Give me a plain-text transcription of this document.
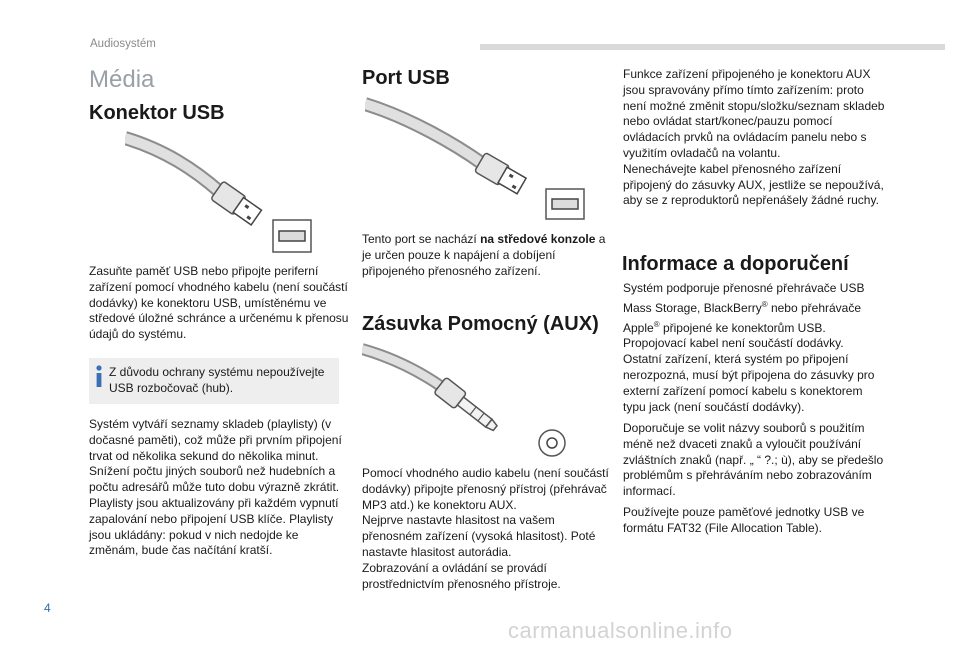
Audiosystém
Média
Konektor USB

Zasuňte paměť USB nebo připojte periferní zařízení pomocí vhodného kabelu (není součástí dodávky) ke konektoru USB, umístěnému ve středové úložné schránce a určenému k přenosu údajů do systému.

Z důvodu ochrany systému nepoužívejte USB rozbočovač (hub).

Systém vytváří seznamy skladeb (playlisty) (v dočasné paměti), což může při prvním připojení trvat od několika sekund do několika minut.
Snížení počtu jiných souborů než hudebních a počtu adresářů může tuto dobu výrazně zkrátit.
Playlisty jsou aktualizovány při každém vypnutí zapalování nebo připojení USB klíče. Playlisty jsou ukládány: pokud v nich nedojde ke změnám, bude čas načítání kratší.

Port USB

Tento port se nachází na středové konzole a je určen pouze k napájení a dobíjení připojeného přenosného zařízení.

Zásuvka Pomocný (AUX)

Pomocí vhodného audio kabelu (není součástí dodávky) připojte přenosný přístroj (přehrávač MP3 atd.) ke konektoru AUX.
Nejprve nastavte hlasitost na vašem přenosném zařízení (vysoká hlasitost). Poté nastavte hlasitost autorádia.
Zobrazování a ovládání se provádí prostřednictvím přenosného přístroje.

Funkce zařízení připojeného je konektoru AUX jsou spravovány přímo tímto zařízením: proto není možné změnit stopu/složku/seznam skladeb nebo ovládat start/konec/pauzu pomocí ovládacích prvků na ovládacím panelu nebo s využitím ovladačů na volantu.
Nenechávejte kabel přenosného zařízení připojený do zásuvky AUX, jestliže se nepoužívá, aby se z reproduktorů nepřenášely žádné ruchy.

Informace a doporučení

Systém podporuje přenosné přehrávače USB Mass Storage, BlackBerry® nebo přehrávače Apple® připojené ke konektorům USB.
Propojovací kabel není součástí dodávky.
Ostatní zařízení, která systém po připojení nerozpozná, musí být připojena do zásuvky pro externí zařízení pomocí kabelu s konektorem typu jack (není součástí dodávky).

Doporučuje se volit názvy souborů s použitím méně než dvaceti znaků a vyloučit používání zvláštních znaků (např. „ “ ?.; ù), aby se předešlo problémům s přehráváním nebo zobrazováním informací.

Používejte pouze paměťové jednotky USB ve formátu FAT32 (File Allocation Table).

4
carmanualsonline.info
